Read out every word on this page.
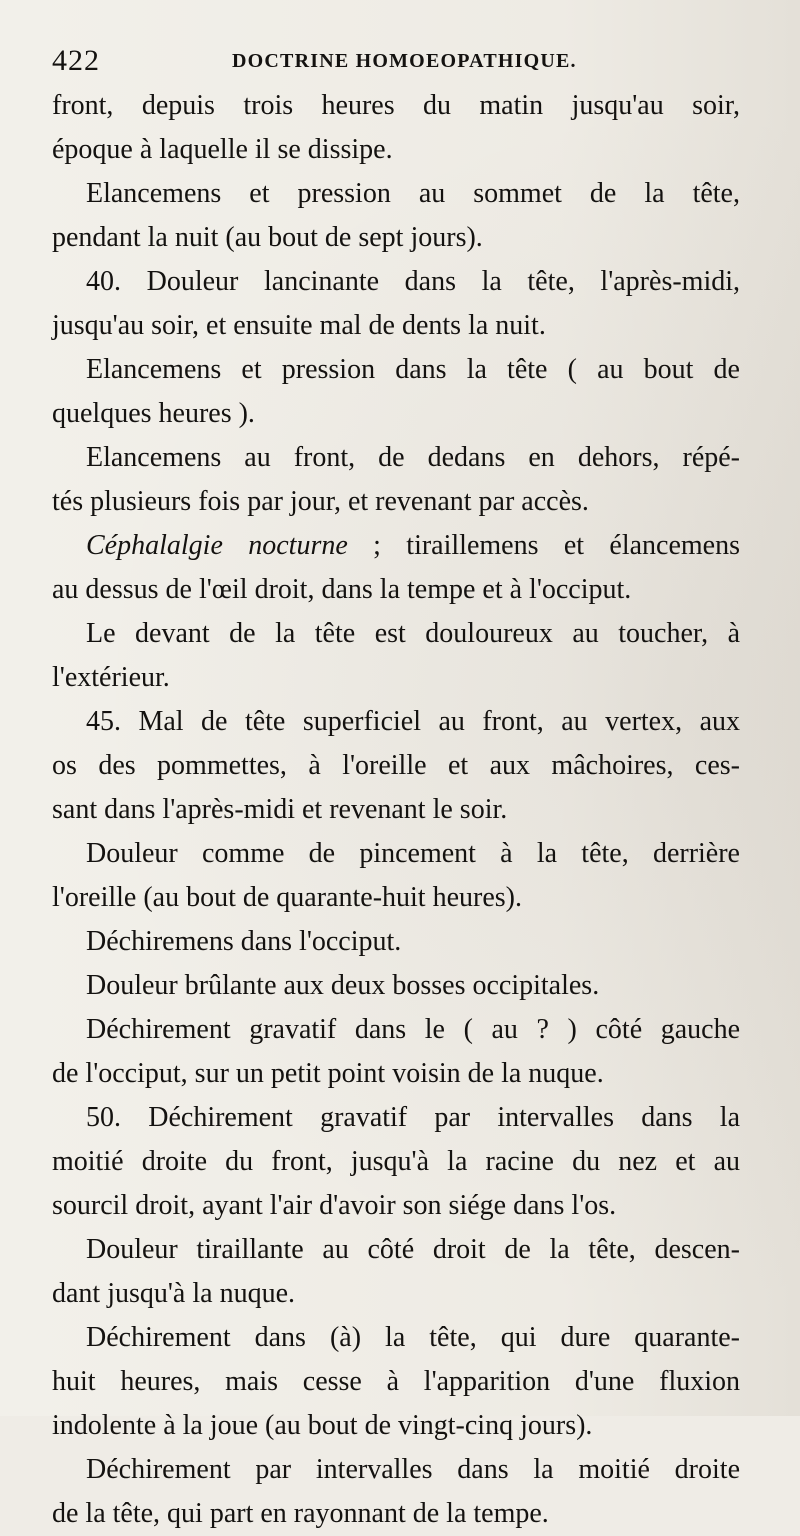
422	DOCTRINE HOMOEOPATHIQUE.
front, depuis trois heures du matin jusqu'au soir,
époque à laquelle il se dissipe.
Elancemens et pression au sommet de la tête,
pendant la nuit (au bout de sept jours).
40. Douleur lancinante dans la tête, l'après-midi,
jusqu'au soir, et ensuite mal de dents la nuit.
Elancemens et pression dans la tête ( au bout de
quelques heures ).
Elancemens au front, de dedans en dehors, répé-
tés plusieurs fois par jour, et revenant par accès.
Céphalalgie nocturne ; tiraillemens et élancemens
au dessus de l'œil droit, dans la tempe et à l'occiput.
Le devant de la tête est douloureux au toucher, à
l'extérieur.
45. Mal de tête superficiel au front, au vertex, aux
os des pommettes, à l'oreille et aux mâchoires, ces-
sant dans l'après-midi et revenant le soir.
Douleur comme de pincement à la tête, derrière
l'oreille (au bout de quarante-huit heures).
Déchiremens dans l'occiput.
Douleur brûlante aux deux bosses occipitales.
Déchirement gravatif dans le ( au ? ) côté gauche
de l'occiput, sur un petit point voisin de la nuque.
50. Déchirement gravatif par intervalles dans la
moitié droite du front, jusqu'à la racine du nez et au
sourcil droit, ayant l'air d'avoir son siége dans l'os.
Douleur tiraillante au côté droit de la tête, descen-
dant jusqu'à la nuque.
Déchirement dans (à) la tête, qui dure quarante-
huit heures, mais cesse à l'apparition d'une fluxion
indolente à la joue (au bout de vingt-cinq jours).
Déchirement par intervalles dans la moitié droite
de la tête, qui part en rayonnant de la tempe.
